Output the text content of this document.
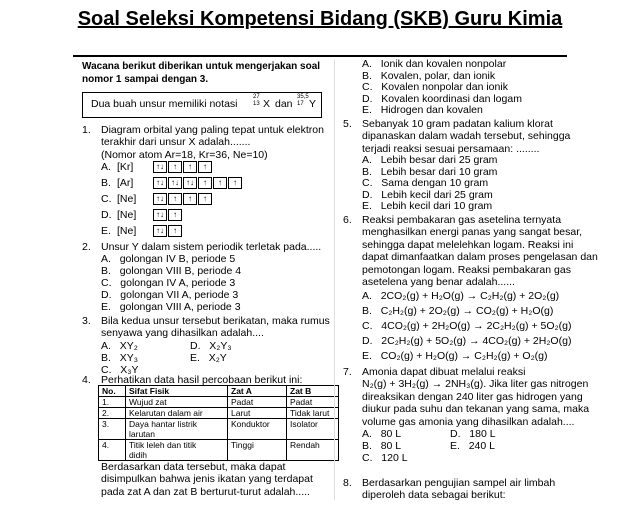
Soal Seleksi Kompetensi Bidang (SKB) Guru Kimia
Wacana berikut diberikan untuk mengerjakan soal
nomor 1 sampai dengan 3.
Dua buah unsur memiliki notasi
27
13 X dan
35,5
17 Y
1. Diagram orbital yang paling tepat untuk elektron
terakhir dari unsur X adalah.......
(Nomor atom Ar=18, Kr=36, Ne=10)
A. [Kr]	↑↓ ↑ ↑ ↑
B. [Ar]	↑↓ ↑↓ ↑↓ ↑ ↑ ↑
C. [Ne] ↑↓ ↑ ↑ ↑
D. [Ne] ↑↓ ↑
E. [Ne] ↑↓ ↑
2. Unsur Y dalam sistem periodik terletak pada.....
A. golongan IV B, periode 5
B. golongan VIII B, periode 4
C. golongan IV A, periode 3
D. golongan VII A, periode 3
E. golongan VIII A, periode 3
3. Bila kedua unsur tersebut berikatan, maka rumus
senyawa yang dihasilkan adalah....
A. XY₂	D. X₂Y₃
B. XY₃	E. X₂Y
C. X₃Y
4. Perhatikan data hasil percobaan berikut ini:
No.	Sifat Fisik	Zat A	Zat B
1.	Wujud zat	Padat	Padat
2.	Kelarutan dalam air	Larut	Tidak larut
3.	Daya hantar listrik	Konduktor	Isolator
	larutan		
4.	Titik leleh dan titik	Tinggi	Rendah
	didih		
Berdasarkan data tersebut, maka dapat
disimpulkan bahwa jenis ikatan yang terdapat
pada zat A dan zat B berturut-turut adalah.....
A. Ionik dan kovalen nonpolar
B. Kovalen, polar, dan ionik
C. Kovalen nonpolar dan ionik
D. Kovalen koordinasi dan logam
E. Hidrogen dan kovalen
5. Sebanyak 10 gram padatan kalium klorat
dipanaskan dalam wadah tersebut, sehingga
terjadi reaksi sesuai persamaan: ........
A. Lebih besar dari 25 gram
B. Lebih besar dari 10 gram
C. Sama dengan 10 gram
D. Lebih kecil dari 25 gram
E. Lebih kecil dari 10 gram
6. Reaksi pembakaran gas asetelina ternyata
menghasilkan energi panas yang sangat besar,
sehingga dapat melelehkan logam. Reaksi ini
dapat dimanfaatkan dalam proses pengelasan dan
pemotongan logam. Reaksi pembakaran gas
asetelena yang benar adalah......
A. 2CO₂(g) + H₂O(g) → C₂H₂(g) + 2O₂(g)
B. C₂H₂(g) + 2O₂(g) → CO₂(g) + H₂O(g)
C. 4CO₂(g) + 2H₂O(g) → 2C₂H₂(g) + 5O₂(g)
D. 2C₂H₂(g) + 5O₂(g) → 4CO₂(g) + 2H₂O(g)
E. CO₂(g) + H₂O(g) → C₂H₂(g) + O₂(g)
7. Amonia dapat dibuat melalui reaksi
N₂(g) + 3H₂(g) → 2NH₃(g). Jika liter gas nitrogen
direaksikan dengan 240 liter gas hidrogen yang
diukur pada suhu dan tekanan yang sama, maka
volume gas amonia yang dihasilkan adalah....
A. 80 L	D. 180 L
B. 80 L	E. 240 L
C. 120 L
8. Berdasarkan pengujian sampel air limbah
diperoleh data sebagai berikut:
